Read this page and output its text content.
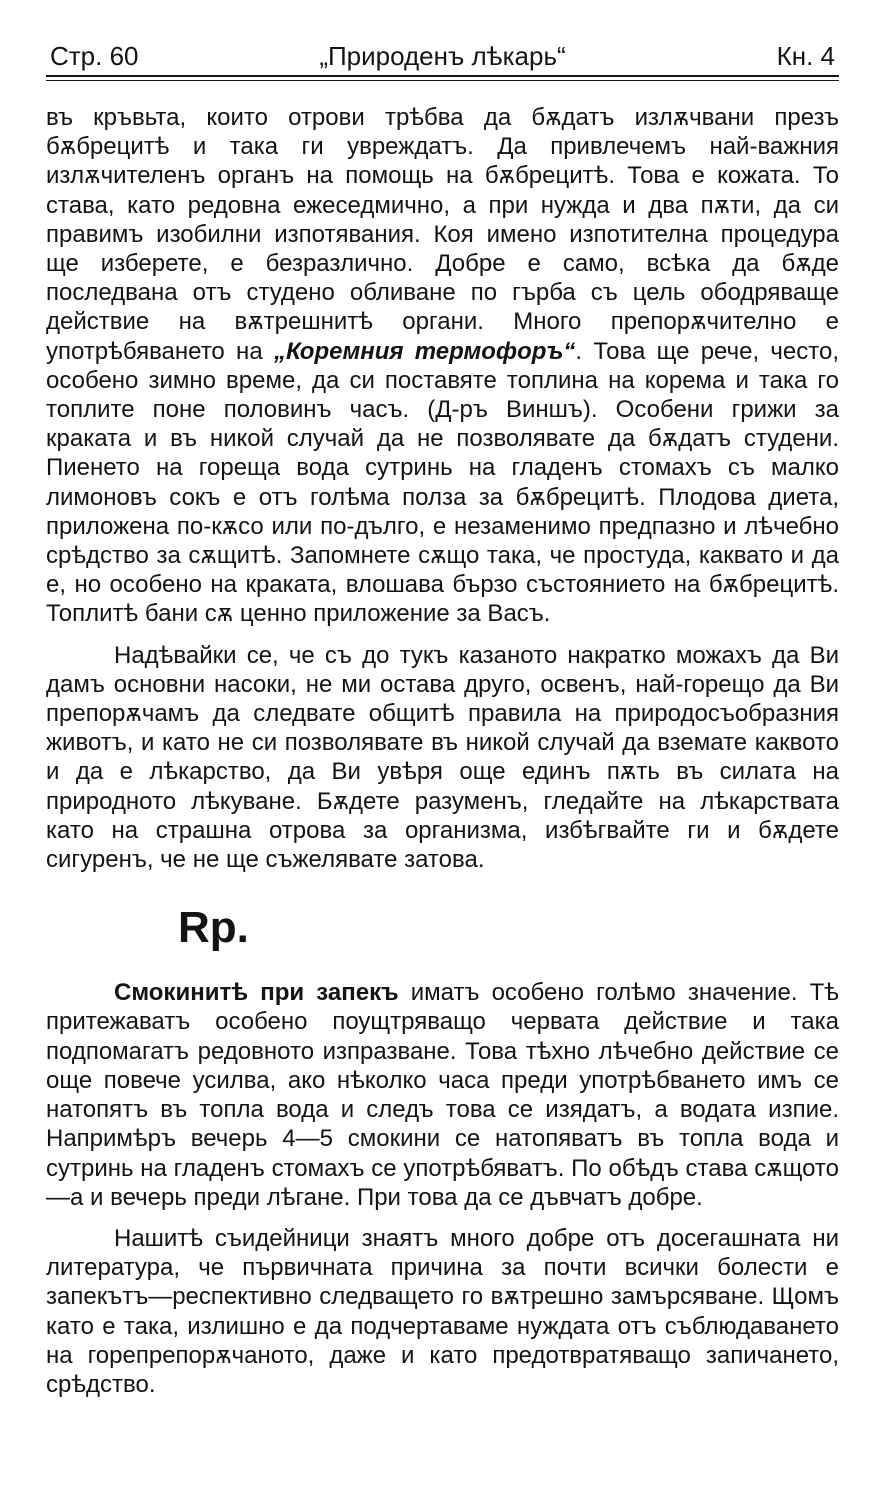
„Природенъ лѣкарь“
Стр. 60	Кн. 4

въ кръвьта, които отрови трѣбва да бѫдатъ излѫчвани презъ бѫбрецитѣ и така ги увреждатъ. Да привлечемъ най-важния излѫчителенъ органъ на помощь на бѫбрецитѣ. Това е кожата. То става, като редовна ежеседмично, а при нужда и два пѫти, да си правимъ изобилни изпотявания. Коя имено изпотителна процедура ще изберете, е безразлично. Добре е само, всѣка да бѫде последвана отъ студено обливане по гърба съ цель ободряваще действие на вѫтрешнитѣ органи. Много препорѫчително е употрѣбяването на „Коремния термофоръ“. Това ще рече, често, особено зимно време, да си поставяте топлина на корема и така го топлите поне половинъ часъ. (Д-ръ Виншъ). Особени грижи за краката и въ никой случай да не позволявате да бѫдатъ студени. Пиенето на гореща вода сутринь на гладенъ стомахъ съ малко лимоновъ сокъ е отъ голѣма полза за бѫбрецитѣ. Плодова диета, приложена по-кѫсо или по-дълго, е незаменимо предпазно и лѣчебно срѣдство за сѫщитѣ. Запомнете сѫщо така, че простуда, каквато и да е, но особено на краката, влошава бързо състоянието на бѫбрецитѣ. Топлитѣ бани сѫ ценно приложение за Васъ.

Надѣвайки се, че съ до тукъ казаното накратко можахъ да Ви дамъ основни насоки, не ми остава друго, освенъ, най-горещо да Ви препорѫчамъ да следвате общитѣ правила на природосъобразния животъ, и като не си позволявате въ никой случай да вземате каквото и да е лѣкарство, да Ви увѣря още единъ пѫть въ силата на природното лѣкуване. Бѫдете разуменъ, гледайте на лѣкарствата като на страшна отрова за организма, избѣгвайте ги и бѫдете сигуренъ, че не ще съжелявате затова.

Rp.

Смокинитѣ при запекъ иматъ особено голѣмо значение. Тѣ притежаватъ особено поущтряващо червата действие и така подпомагатъ редовното изпразване. Това тѣхно лѣчебно действие се още повече усилва, ако нѣколко часа преди употрѣбването имъ се натопятъ въ топла вода и следъ това се изядатъ, а водата изпие. Напримѣръ вечерь 4—5 смокини се натопяватъ въ топла вода и сутринь на гладенъ стомахъ се употрѣбяватъ. По обѣдъ става сѫщото —а и вечерь преди лѣгане. При това да се дъвчатъ добре.

Нашитѣ съидейници знаятъ много добре отъ досегашната ни литература, че първичната причина за почти всички болести е запекътъ—респективно следващето го вѫтрешно замърсяване. Щомъ като е така, излишно е да подчертаваме нуждата отъ съблюдаването на горепрепорѫчаното, даже и като предотвратяващо запичането, срѣдство.
